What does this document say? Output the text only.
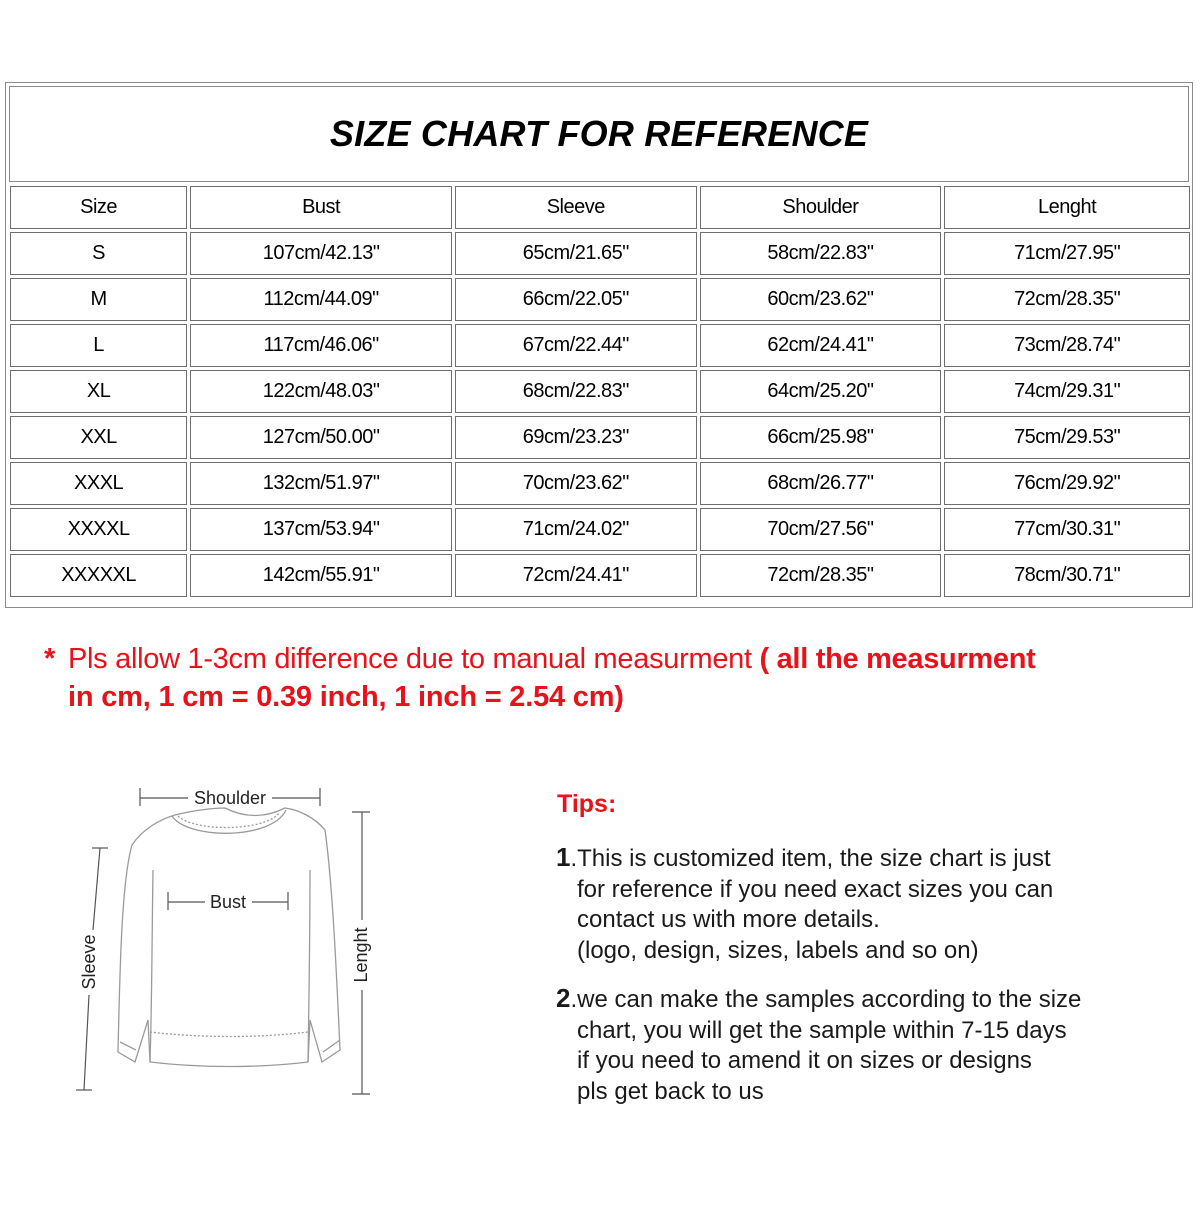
SIZE CHART FOR REFERENCE
Size	Bust	Sleeve	Shoulder	Lenght
S	107cm/42.13"	65cm/21.65"	58cm/22.83"	71cm/27.95"
M	112cm/44.09"	66cm/22.05"	60cm/23.62"	72cm/28.35"
L	117cm/46.06"	67cm/22.44"	62cm/24.41"	73cm/28.74"
XL	122cm/48.03"	68cm/22.83"	64cm/25.20"	74cm/29.31"
XXL	127cm/50.00"	69cm/23.23"	66cm/25.98"	75cm/29.53"
XXXL	132cm/51.97"	70cm/23.62"	68cm/26.77"	76cm/29.92"
XXXXL	137cm/53.94"	71cm/24.02"	70cm/27.56"	77cm/30.31"
XXXXXL	142cm/55.91"	72cm/24.41"	72cm/28.35"	78cm/30.71"
* Pls allow 1-3cm difference due to manual measurment ( all the measurment
in cm, 1 cm = 0.39 inch, 1 inch = 2.54 cm)
Shoulder
Bust
Sleeve	Lenght
Tips:
1.This is customized item, the size chart is just
for reference if you need exact sizes you can
contact us with more details.
(logo, design, sizes, labels and so on)
2.we can make the samples according to the size
chart, you will get the sample within 7-15 days
if you need to amend it on sizes or designs
pls get back to us
